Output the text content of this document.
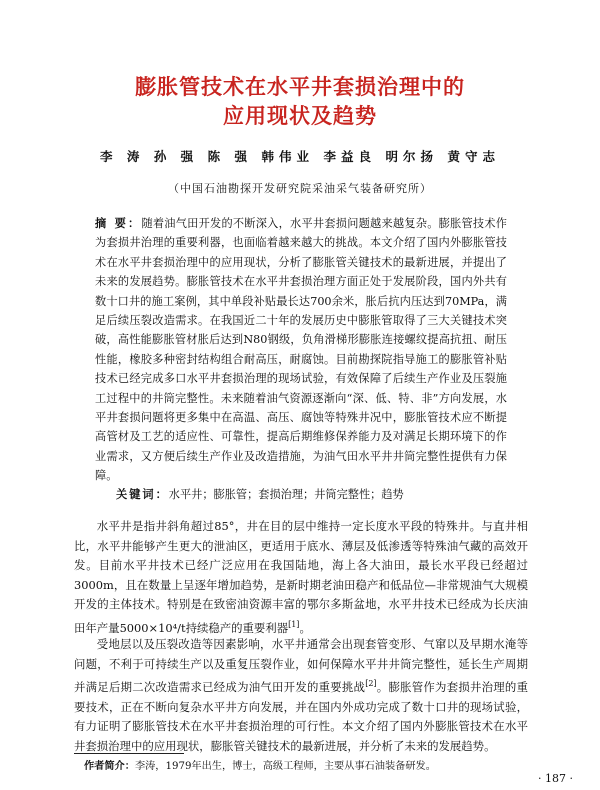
膨胀管技术在水平井套损治理中的
应用现状及趋势
李 涛 孙 强 陈 强 韩伟业 李益良 明尔扬 黄守志
（中国石油勘探开发研究院采油采气装备研究所）

摘 要：随着油气田开发的不断深入，水平井套损问题越来越复杂。膨胀管技术作为套损井治理的重要利器，也面临着越来越大的挑战。本文介绍了国内外膨胀管技术在水平井套损治理中的应用现状，分析了膨胀管关键技术的最新进展，并提出了未来的发展趋势。膨胀管技术在水平井套损治理方面正处于发展阶段，国内外共有数十口井的施工案例，其中单段补贴最长达700余米，胀后抗内压达到70MPa，满足后续压裂改造需求。在我国近二十年的发展历史中膨胀管取得了三大关键技术突破，高性能膨胀管材胀后达到N80钢级，负角滑梯形膨胀连接螺纹提高抗扭、耐压性能，橡胶多种密封结构组合耐高压，耐腐蚀。目前勘探院指导施工的膨胀管补贴技术已经完成多口水平井套损治理的现场试验，有效保障了后续生产作业及压裂施工过程中的井筒完整性。未来随着油气资源逐渐向“深、低、特、非”方向发展，水平井套损问题将更多集中在高温、高压、腐蚀等特殊井况中，膨胀管技术应不断提高管材及工艺的适应性、可靠性，提高后期维修保养能力及对满足长期环境下的作业需求，又方便后续生产作业及改造措施，为油气田水平井井筒完整性提供有力保障。

关键词：水平井；膨胀管；套损治理；井筒完整性；趋势

水平井是指井斜角超过85°，井在目的层中维持一定长度水平段的特殊井。与直井相比，水平井能够产生更大的泄油区，更适用于底水、薄层及低渗透等特殊油气藏的高效开发。目前水平井技术已经广泛应用在我国陆地，海上各大油田，最长水平段已经超过3000m，且在数量上呈逐年增加趋势，是新时期老油田稳产和低品位—非常规油气大规模开发的主体技术。特别是在致密油资源丰富的鄂尔多斯盆地，水平井技术已经成为长庆油田年产量5000×10⁴/t持续稳产的重要利器[1]。

受地层以及压裂改造等因素影响，水平井通常会出现套管变形、气窜以及早期水淹等问题，不利于可持续生产以及重复压裂作业，如何保障水平井井筒完整性，延长生产周期并满足后期二次改造需求已经成为油气田开发的重要挑战[2]。膨胀管作为套损井治理的重要技术，正在不断向复杂水平井方向发展，并在国内外成功完成了数十口井的现场试验，有力证明了膨胀管技术在水平井套损治理的可行性。本文介绍了国内外膨胀管技术在水平井套损治理中的应用现状，膨胀管关键技术的最新进展，并分析了未来的发展趋势。

作者简介：李涛，1979年出生，博士，高级工程师，主要从事石油装备研发。
· 187 ·
